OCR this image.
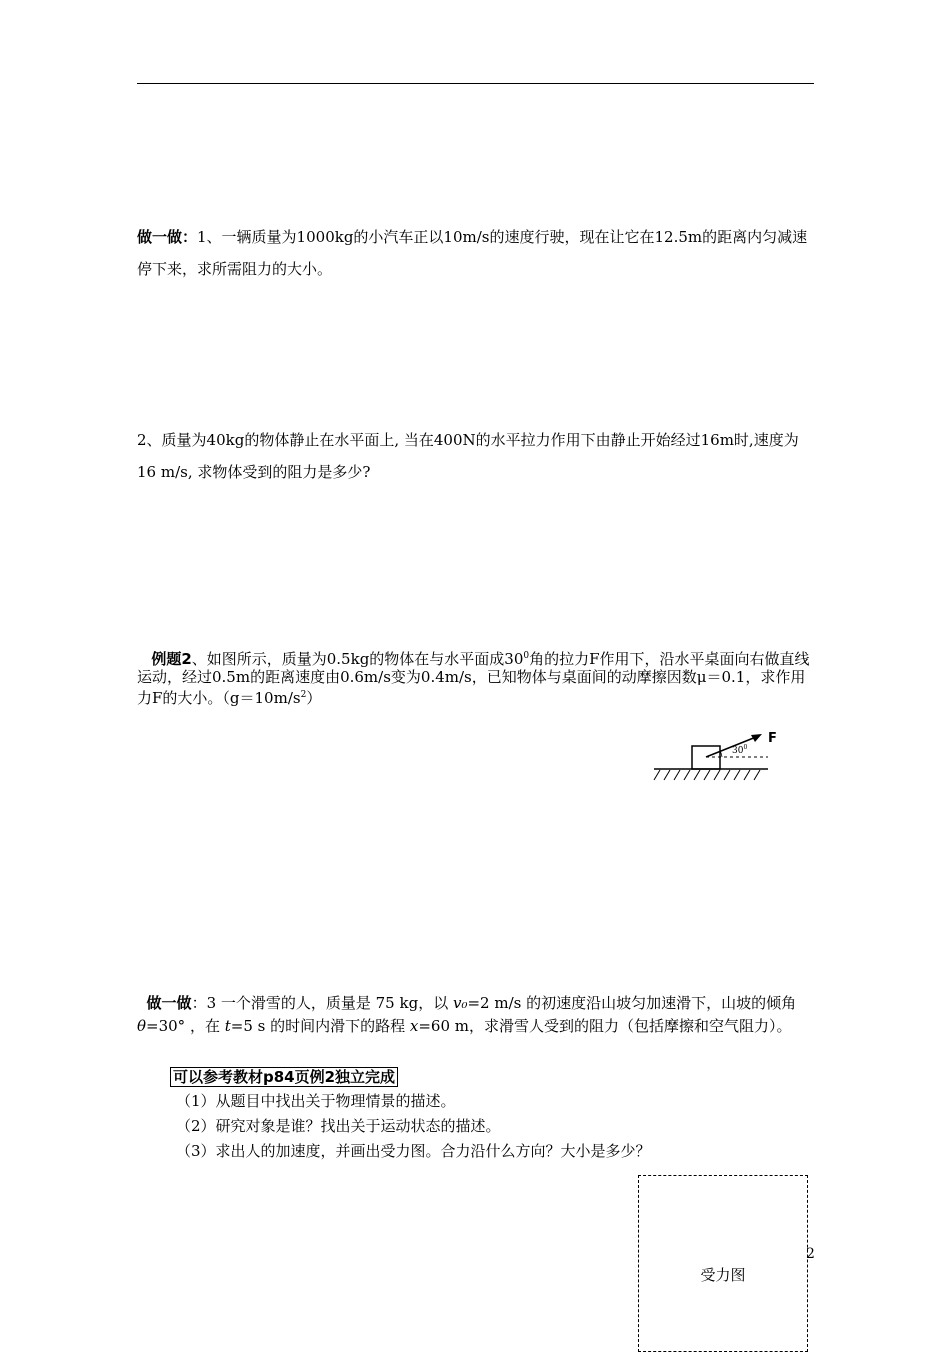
做一做：1、一辆质量为1000kg的小汽车正以10m/s的速度行驶，现在让它在12.5m的距离内匀减速停下来，求所需阻力的大小。

2、质量为40kg的物体静止在水平面上, 当在400N的水平拉力作用下由静止开始经过16m时,速度为16 m/s, 求物体受到的阻力是多少?

例题2、如图所示，质量为0.5kg的物体在与水平面成$30^0$角的拉力F作用下，沿水平桌面向右做直线运动，经过0.5m的距离速度由0.6m/s变为0.4m/s，已知物体与桌面间的动摩擦因数μ＝0.1，求作用力F的大小。$(g=10m/s^2)$

$30^0$
F

做一做：3 一个滑雪的人，质量是 75 kg，以 v₀=2 m/s 的初速度沿山坡匀加速滑下，山坡的倾角 θ=30° ，在 t=5 s 的时间内滑下的路程 x=60 m，求滑雪人受到的阻力（包括摩擦和空气阻力）。

可以参考教材p84页例2独立完成

（1）从题目中找出关于物理情景的描述。

（2）研究对象是谁？找出关于运动状态的描述。

（3）求出人的加速度，并画出受力图。合力沿什么方向？大小是多少？

受力图
2
